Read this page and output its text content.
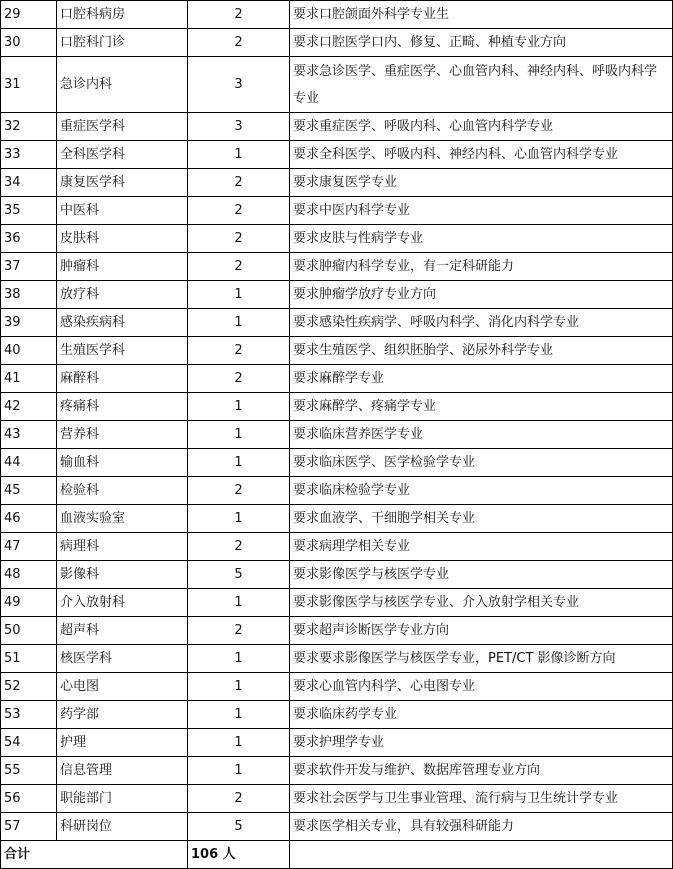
29	口腔科病房	2	要求口腔颌面外科学专业生
30	口腔科门诊	2	要求口腔医学口内、修复、正畸、种植专业方向
31	急诊内科	3	要求急诊医学、重症医学、心血管内科、神经内科、呼吸内科学专业
32	重症医学科	3	要求重症医学、呼吸内科、心血管内科学专业
33	全科医学科	1	要求全科医学、呼吸内科、神经内科、心血管内科学专业
34	康复医学科	2	要求康复医学专业
35	中医科	2	要求中医内科学专业
36	皮肤科	2	要求皮肤与性病学专业
37	肿瘤科	2	要求肿瘤内科学专业，有一定科研能力
38	放疗科	1	要求肿瘤学放疗专业方向
39	感染疾病科	1	要求感染性疾病学、呼吸内科学、消化内科学专业
40	生殖医学科	2	要求生殖医学、组织胚胎学、泌尿外科学专业
41	麻醉科	2	要求麻醉学专业
42	疼痛科	1	要求麻醉学、疼痛学专业
43	营养科	1	要求临床营养医学专业
44	输血科	1	要求临床医学、医学检验学专业
45	检验科	2	要求临床检验学专业
46	血液实验室	1	要求血液学、干细胞学相关专业
47	病理科	2	要求病理学相关专业
48	影像科	5	要求影像医学与核医学专业
49	介入放射科	1	要求影像医学与核医学专业、介入放射学相关专业
50	超声科	2	要求超声诊断医学专业方向
51	核医学科	1	要求要求影像医学与核医学专业，PET/CT 影像诊断方向
52	心电图	1	要求心血管内科学、心电图专业
53	药学部	1	要求临床药学专业
54	护理	1	要求护理学专业
55	信息管理	1	要求软件开发与维护、数据库管理专业方向
56	职能部门	2	要求社会医学与卫生事业管理、流行病与卫生统计学专业
57	科研岗位	5	要求医学相关专业，具有较强科研能力
合计		106 人	
